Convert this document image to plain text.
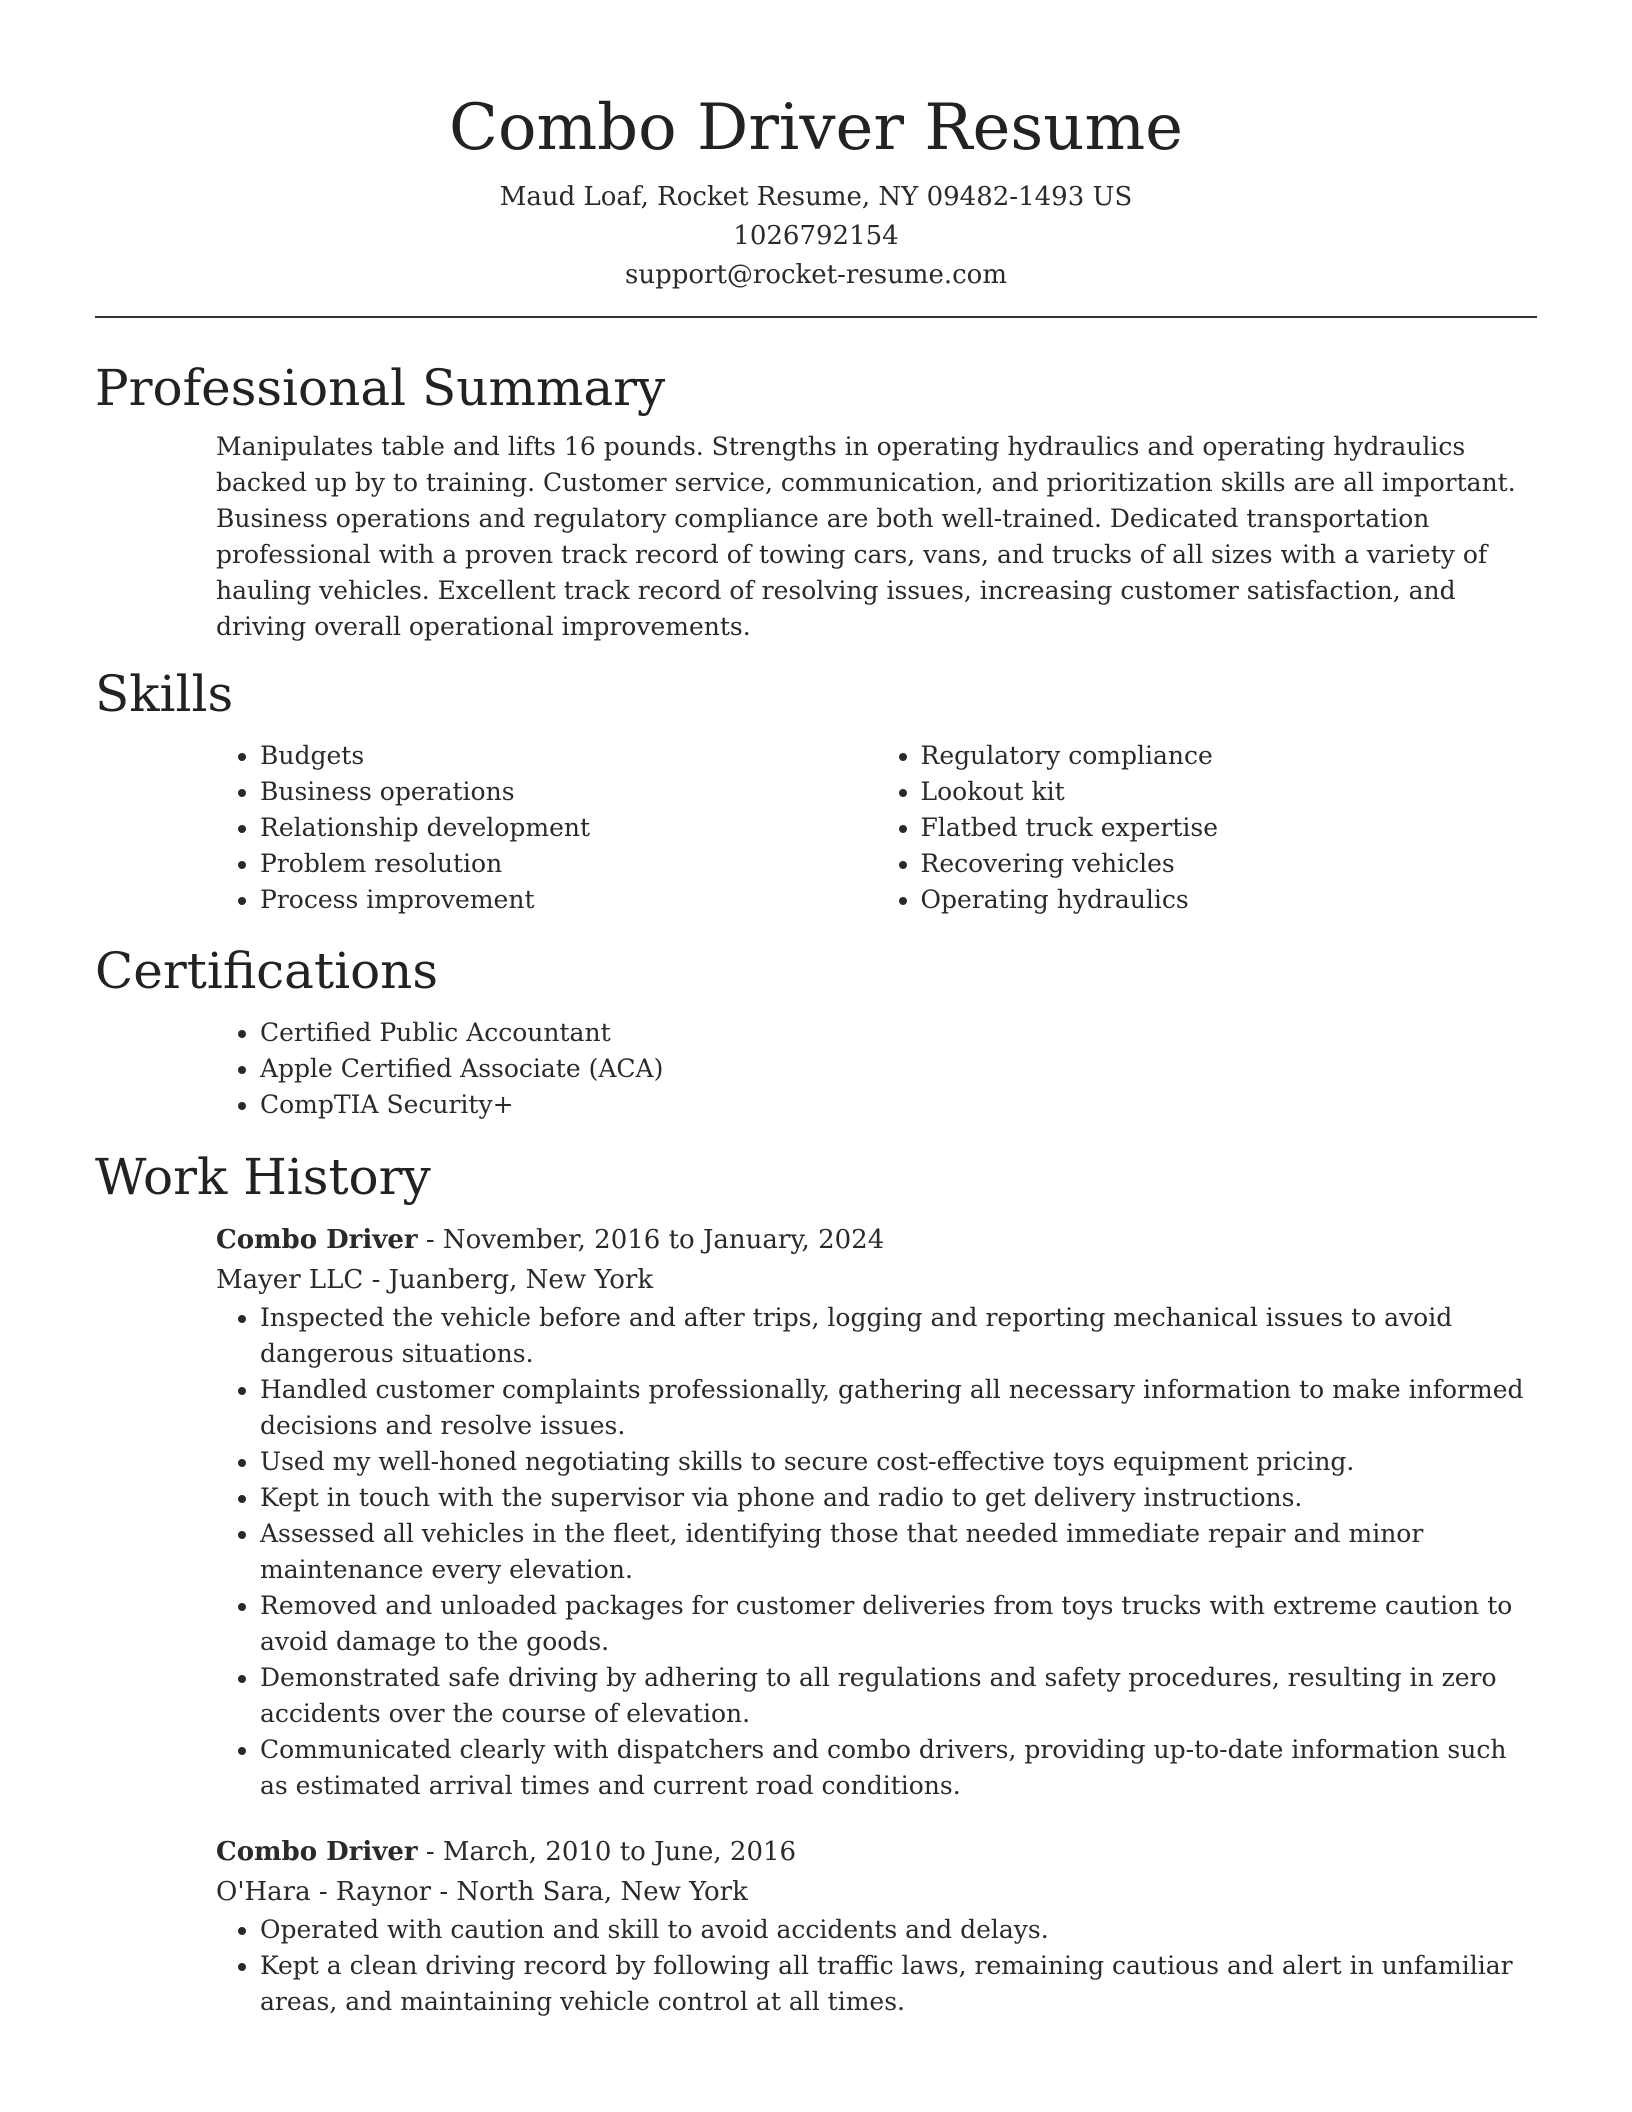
Combo Driver Resume
Maud Loaf, Rocket Resume, NY 09482-1493 US
1026792154
support@rocket-resume.com
Professional Summary

Manipulates table and lifts 16 pounds. Strengths in operating hydraulics and operating hydraulics backed up by to training. Customer service, communication, and prioritization skills are all important. Business operations and regulatory compliance are both well-trained. Dedicated transportation professional with a proven track record of towing cars, vans, and trucks of all sizes with a variety of hauling vehicles. Excellent track record of resolving issues, increasing customer satisfaction, and driving overall operational improvements.

Skills
• Budgets
• Business operations
• Relationship development
• Problem resolution
• Process improvement
• Regulatory compliance
• Lookout kit
• Flatbed truck expertise
• Recovering vehicles
• Operating hydraulics
Certifications
• Certified Public Accountant
• Apple Certified Associate (ACA)
• CompTIA Security+
Work History
Combo Driver - November, 2016 to January, 2024
Mayer LLC - Juanberg, New York
• Inspected the vehicle before and after trips, logging and reporting mechanical issues to avoid dangerous situations.
• Handled customer complaints professionally, gathering all necessary information to make informed decisions and resolve issues.
• Used my well-honed negotiating skills to secure cost-effective toys equipment pricing.
• Kept in touch with the supervisor via phone and radio to get delivery instructions.
• Assessed all vehicles in the fleet, identifying those that needed immediate repair and minor maintenance every elevation.
• Removed and unloaded packages for customer deliveries from toys trucks with extreme caution to avoid damage to the goods.
• Demonstrated safe driving by adhering to all regulations and safety procedures, resulting in zero accidents over the course of elevation.
• Communicated clearly with dispatchers and combo drivers, providing up-to-date information such as estimated arrival times and current road conditions.
Combo Driver - March, 2010 to June, 2016
O'Hara - Raynor - North Sara, New York
• Operated with caution and skill to avoid accidents and delays.
• Kept a clean driving record by following all traffic laws, remaining cautious and alert in unfamiliar areas, and maintaining vehicle control at all times.
